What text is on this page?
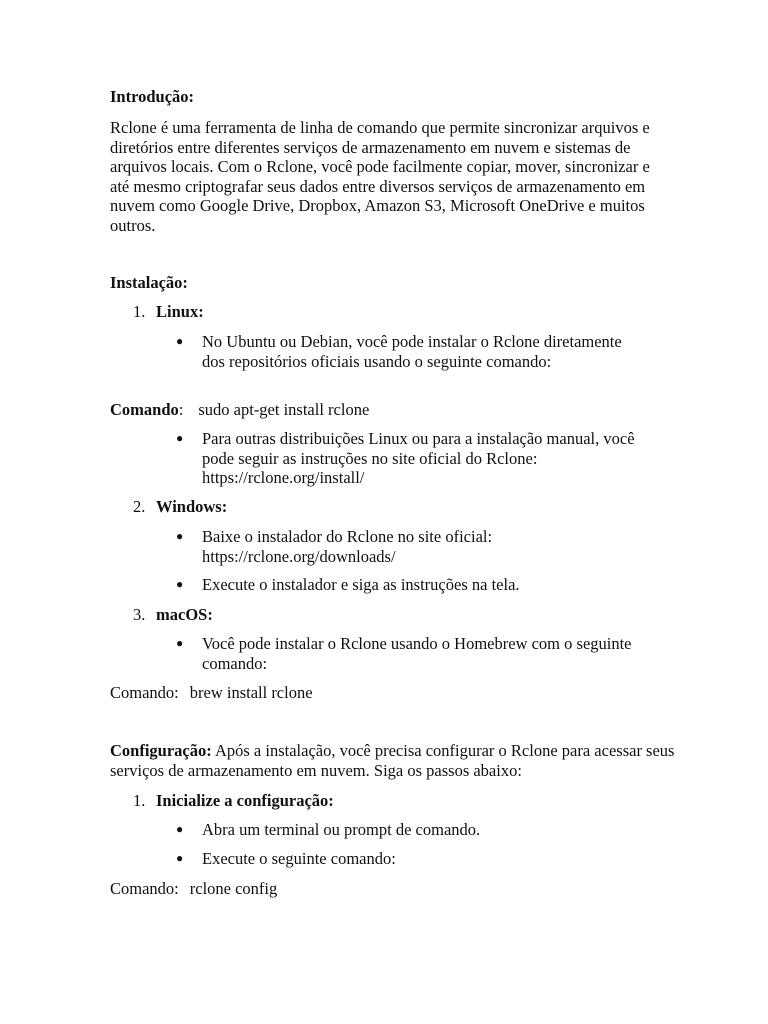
Introdução:

Rclone é uma ferramenta de linha de comando que permite sincronizar arquivos e diretórios entre diferentes serviços de armazenamento em nuvem e sistemas de arquivos locais. Com o Rclone, você pode facilmente copiar, mover, sincronizar e até mesmo criptografar seus dados entre diversos serviços de armazenamento em nuvem como Google Drive, Dropbox, Amazon S3, Microsoft OneDrive e muitos outros.

Instalação:
1. Linux:
● No Ubuntu ou Debian, você pode instalar o Rclone diretamente dos repositórios oficiais usando o seguinte comando:
Comando: sudo apt-get install rclone
● Para outras distribuições Linux ou para a instalação manual, você pode seguir as instruções no site oficial do Rclone: https://rclone.org/install/
2. Windows:
● Baixe o instalador do Rclone no site oficial: https://rclone.org/downloads/
● Execute o instalador e siga as instruções na tela.
3. macOS:
● Você pode instalar o Rclone usando o Homebrew com o seguinte comando:
Comando: brew install rclone

Configuração: Após a instalação, você precisa configurar o Rclone para acessar seus serviços de armazenamento em nuvem. Siga os passos abaixo:

1. Inicialize a configuração:
● Abra um terminal ou prompt de comando.
● Execute o seguinte comando:
Comando: rclone config
